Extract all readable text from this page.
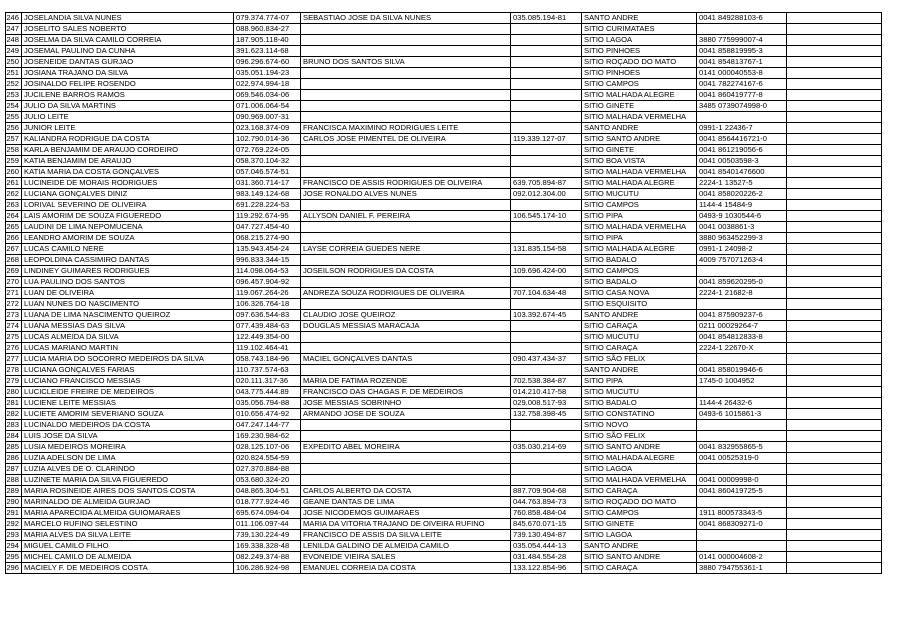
246	JOSELANDIA SILVA NUNES	079.374.774-07	SEBASTIAO JOSE DA SILVA NUNES	035.085.194-81	SANTO ANDRE	0041 849288103-6	
247	JOSELITO SALES NOBERTO	088.960.834-27			SITIO CURIMATAES		
248	JOSELMA DA SILVA CAMILO CORREIA	187.905.118-40			SITIO LAGOA	3880 775999007-4	
249	JOSEMAL PAULINO DA CUNHA	391.623.114-68			SITIO PINHOES	0041 858819995-3	
250	JOSENEIDE DANTAS GURJAO	096.296.674-60	BRUNO DOS SANTOS SILVA		SITIO ROÇADO DO MATO	0041 854813767-1	
251	JOSIANA TRAJANO DA SILVA	035.051.194-23			SITIO PINHOES	0141 000040553-8	
252	JOSINALDO FELIPE ROSENDO	022.974.994-18			SITIO CAMPOS	0041 782274167-6	
253	JUCILENE BARROS RAMOS	069.546.034-06			SITIO MALHADA ALEGRE	0041 860419777-8	
254	JULIO DA SILVA MARTINS	071.006.064-54			SITIO GINETE	3485 0739074998-0	
255	JULIO LEITE	090.969.007-31			SITIO MALHADA VERMELHA		
256	JUNIOR LEITE	023.168.374-09	FRANCISCA MAXIMINO RODRIGUES LEITE		SANTO ANDRE	0991-1 22436-7	
257	KALIANDRA RODRIGUE DA COSTA	102.790.014-36	CARLOS JOSE PIMENTEL DE OLIVEIRA	119.339.127-07	SITIO SANTO ANDRE	0041 8564416721-0	
258	KARLA BENJAMIM DE ARAUJO CORDEIRO	072.769.224-05			SITIO GINETE	0041 861219056-6	
259	KATIA BENJAMIM DE ARAUJO	058.370.104-32			SITIO BOA VISTA	0041 00503598-3	
260	KATIA MARIA DA COSTA GONÇALVES	057.046.574-51			SITIO MALHADA VERMELHA	0041 85401476600	
261	LUCINEIDE DE MORAIS RODRIGUES	031.360.714-17	FRANCISCO DE ASSIS RODRIGUES DE OLIVEIRA	639.705.894-87	SITIO MALHADA ALEGRE	2224-1 13527-5	
262	LUCIANA GONÇALVES DINIZ	983.149.124-68	JOSE RONALDO ALVES NUNES	092.012.304.00	SITIO MUCUTU	0041 858020226-2	
263	LORIVAL SEVERINO DE OLIVEIRA	691.228.224-53			SITIO CAMPOS	1144-4 15484-9	
264	LAIS AMORIM DE SOUZA FIGUEREDO	119.292.674-95	ALLYSON DANIEL F. PEREIRA	106.545.174-10	SITIO PIPA	0493-9 1030544-6	
265	LAUDINI DE LIMA NEPOMUCENA	047.727.454-40			SITIO MALHADA VERMELHA	0041 0038861-3	
266	LEANDRO AMORIM DE SOUZA	068.215.274-90			SITIO PIPA	3880 963452299-3	
267	LUCAS CAMILO NERE	135.943.454-24	LAYSE CORREIA GUEDES NERE	131.835.154-58	SITIO MALHADA ALEGRE	0991-1 24098-2	
268	LEOPOLDINA CASSIMIRO DANTAS	996.833.344-15			SITIO BADALO	4009 757071263-4	
269	LINDINEY GUIMARES RODRIGUES	114.098.064-53	JOSEILSON RODRIGUES DA COSTA	109.696.424-00	SITIO CAMPOS		
270	LUA PAULINO DOS SANTOS	096.457.904-92			SITIO BADALO	0041 859620295-0	
271	LUAN DE OLIVEIRA	119.067.264-26	ANDREZA SOUZA RODRIGUES DE OLIVEIRA	707.104.634-48	SITIO CASA NOVA	2224-1 21682-8	
272	LUAN NUNES DO NASCIMENTO	106.326.764-18			SITIO ESQUISITO		
273	LUANA DE LIMA NASCIMENTO QUEIROZ	097.636.544-83	CLAUDIO JOSE QUEIROZ	103.392.674-45	SANTO ANDRE	0041 875909237-6	
274	LUANA MESSIAS DAS SILVA	077.439.484-63	DOUGLAS MESSIAS MARACAJA		SITIO CARAÇA	0211 00029264-7	
275	LUCAS ALMEIDA DA SILVA	122.449.354-00			SITIO MUCUTU	0041 854812833-8	
276	LUCAS MARIANO MARTIN	119.102.464-41			SITIO CARAÇA	2224-1 22670-X	
277	LUCIA MARIA DO SOCORRO MEDEIROS DA SILVA	058.743.184-96	MACIEL GONÇALVES DANTAS	090.437.434-37	SITIO SÃO FELIX		
278	LUCIANA GONÇALVES FARIAS	110.737.574-63			SANTO ANDRE	0041 858019946-6	
279	LUCIANO FRANCISCO MESSIAS	020.111.317-36	MARIA DE FATIMA ROZENDE	702.538.384-87	SITIO PIPA	1745-0 1004952	
280	LUCICLEIDE FREIRE DE MEDEIROS	043.775.444.89	FRANCISCO DAS CHAGAS F. DE MEDEIROS	014.210.417-58	SITIO MUCUTU		
281	LUCIENE LEITE MESSIAS	035.056.794-88	JOSE MESSIAS SOBRINHO	029.008.517-93	SITIO BADALO	1144-4 26432-6	
282	LUCIETE AMORIM SEVERIANO SOUZA	010.656.474-92	ARMANDO JOSE DE SOUZA	132.758.398-45	SITIO CONSTATINO	0493-6 1015861-3	
283	LUCINALDO MEDEIROS DA COSTA	047.247.144-77			SITIO NOVO		
284	LUIS JOSE DA SILVA	169.230.984-62			SITIO SÃO FELIX		
285	LUSIA MEDEIROS MOREIRA	028.125.107-06	EXPEDITO ABEL MOREIRA	035.030.214-69	SITIO SANTO ANDRE	0041 832955865-5	
286	LUZIA ADELSON DE LIMA	020.824.554-59			SITIO MALHADA ALEGRE	0041 00525319-0	
287	LUZIA ALVES DE O. CLARINDO	027.370.884-88			SITIO LAGOA		
288	LUZINETE MARIA DA SILVA FIGUEREDO	053.680.324-20			SITIO MALHADA VERMELHA	0041 00009998-0	
289	MARIA ROSINEIDE AIRES DOS SANTOS COSTA	048.865.304-51	CARLOS ALBERTO DA COSTA	887.709.904-68	SITIO CARAÇA	0041 860419725-5	
290	MARINALDO DE ALMEIDA GURJAO	018.777.924-46	GEANE DANTAS DE LIMA	044.763.894-73	SITIO ROÇADO DO MATO		
291	MARIA APARECIDA ALMEIDA GUIOMARAES	695.674.094-04	JOSE NICODEMOS GUIMARAES	760.858.484-04	SITIO CAMPOS	1911 800573343-5	
292	MARCELO RUFINO SELESTINO	011.106.097-44	MARIA DA VITORIA TRAJANO DE OIVEIRA RUFINO	845.670.071-15	SITIO GINETE	0041 868309271-0	
293	MARIA ALVES DA SILVA LEITE	739.130.224-49	FRANCISCO DE ASSIS DA SILVA LEITE	739.130.494-87	SITIO LAGOA		
294	MIGUEL CAMILO FILHO	169.338.328-48	LENILDA GALDINO DE ALMEIDA CAMILO	035.054.444-13	SANTO ANDRE		
295	MICHEL CAMILO DE ALMEIDA	082.249.374-88	EVONEIDE VIEIRA SALES	031.484.554-28	SITIO SANTO ANDRE	0141 000004608-2	
296	MACIELY F. DE MEDEIROS COSTA	106.286.924-98	EMANUEL CORREIA DA COSTA	133.122.854-96	SITIO CARAÇA	3880 794755361-1	
